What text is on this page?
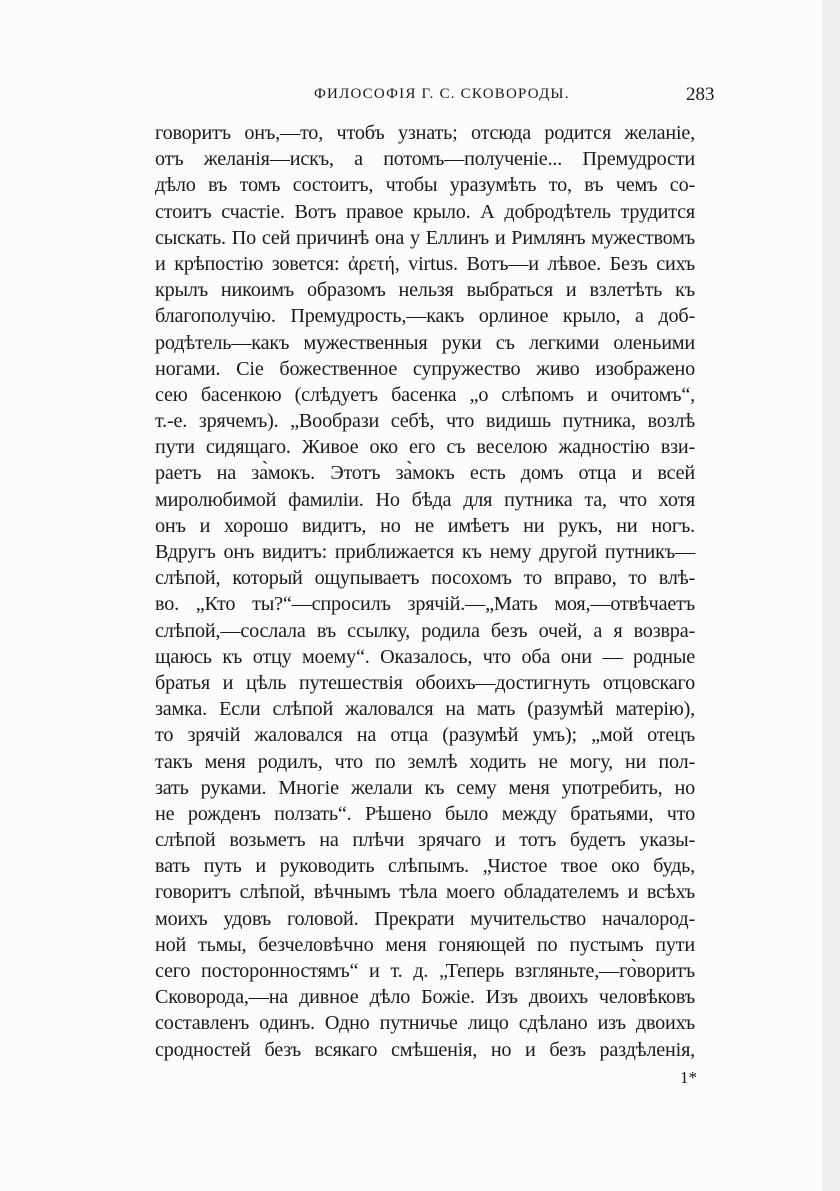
ФИЛОСОФІЯ Г. С. СКОВОРОДЫ.	283
говоритъ онъ,—то, чтобъ узнать; отсюда родится желаніе,
отъ желанія—искъ, а потомъ—полученіе... Премудрости
дѣло въ томъ состоитъ, чтобы уразумѣть то, въ чемъ со-
стоитъ счастіе. Вотъ правое крыло. А добродѣтель трудится
сыскать. По сей причинѣ она у Еллинъ и Римлянъ мужествомъ
и крѣпостію зовется: ἀρετή, virtus. Вотъ—и лѣвое. Безъ сихъ
крылъ никоимъ образомъ нельзя выбраться и взлетѣть къ
благополучію. Премудрость,—какъ орлиное крыло, а доб-
родѣтель—какъ мужественныя руки съ легкими оленьими
ногами. Сіе божественное супружество живо изображено
сею басенкою (слѣдуетъ басенка „о слѣпомъ и очитомъ“,
т.-е. зрячемъ). „Вообрази себѣ, что видишь путника, возлѣ
пути сидящаго. Живое око его съ веселою жадностію взи-
раетъ на за̀мокъ. Этотъ за̀мокъ есть домъ отца и всей
миролюбимой фамиліи. Но бѣда для путника та, что хотя
онъ и хорошо видитъ, но не имѣетъ ни рукъ, ни ногъ.
Вдругъ онъ видитъ: приближается къ нему другой путникъ—
слѣпой, который ощупываетъ посохомъ то вправо, то влѣ-
во. „Кто ты?“—спросилъ зрячій.—„Мать моя,—отвѣчаетъ
слѣпой,—сослала въ ссылку, родила безъ очей, а я возвра-
щаюсь къ отцу моему“. Оказалось, что оба они — родные
братья и цѣль путешествія обоихъ—достигнуть отцовскаго
замка. Если слѣпой жаловался на мать (разумѣй матерію),
то зрячій жаловался на отца (разумѣй умъ); „мой отецъ
такъ меня родилъ, что по землѣ ходить не могу, ни пол-
зать руками. Многіе желали къ сему меня употребить, но
не рожденъ ползать“. Рѣшено было между братьями, что
слѣпой возьметъ на плѣчи зрячаго и тотъ будетъ указы-
вать путь и руководить слѣпымъ. „Чистое твое око будь,
говоритъ слѣпой, вѣчнымъ тѣла моего обладателемъ и всѣхъ
моихъ удовъ головой. Прекрати мучительство началород-
ной тьмы, безчеловѣчно меня гоняющей по пустымъ пути
сего посторонностямъ“ и т. д. „Теперь взгляньте,—го̀воритъ
Сковорода,—на дивное дѣло Божіе. Изъ двоихъ человѣковъ
составленъ одинъ. Одно путничье лицо сдѣлано изъ двоихъ
сродностей безъ всякаго смѣшенія, но и безъ раздѣленія,
1*
